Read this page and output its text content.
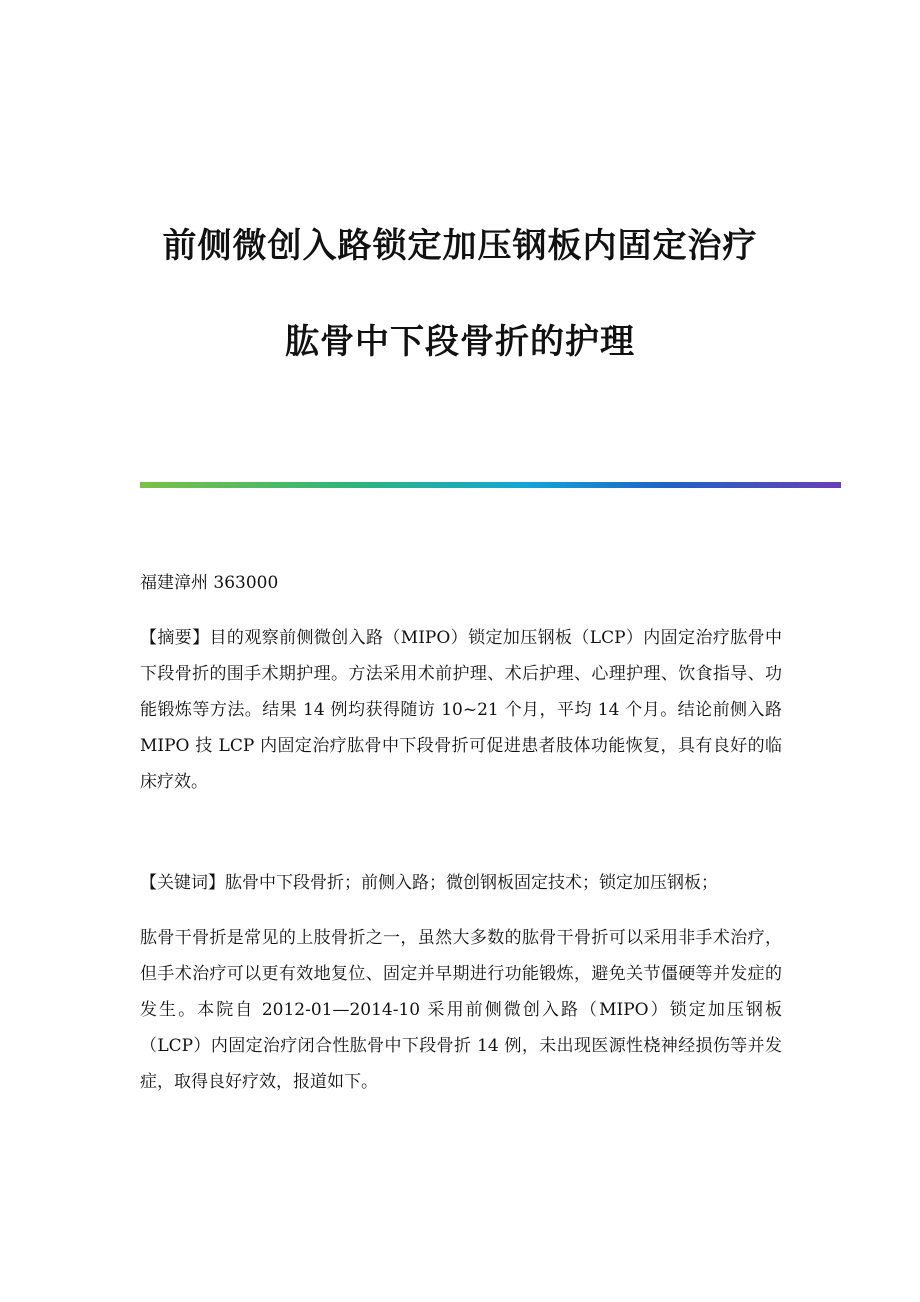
前侧微创入路锁定加压钢板内固定治疗
肱骨中下段骨折的护理
福建漳州 363000
【摘要】目的观察前侧微创入路（MIPO）锁定加压钢板（LCP）内固定治疗肱骨中下段骨折的围手术期护理。方法采用术前护理、术后护理、心理护理、饮食指导、功能锻炼等方法。结果 14 例均获得随访 10~21 个月，平均 14 个月。结论前侧入路 MIPO 技 LCP 内固定治疗肱骨中下段骨折可促进患者肢体功能恢复，具有良好的临床疗效。
【关键词】肱骨中下段骨折；前侧入路；微创钢板固定技术；锁定加压钢板；
肱骨干骨折是常见的上肢骨折之一，虽然大多数的肱骨干骨折可以采用非手术治疗，但手术治疗可以更有效地复位、固定并早期进行功能锻炼，避免关节僵硬等并发症的发生。本院自 2012-01—2014-10 采用前侧微创入路（MIPO）锁定加压钢板（LCP）内固定治疗闭合性肱骨中下段骨折 14 例，未出现医源性桡神经损伤等并发症，取得良好疗效，报道如下。
